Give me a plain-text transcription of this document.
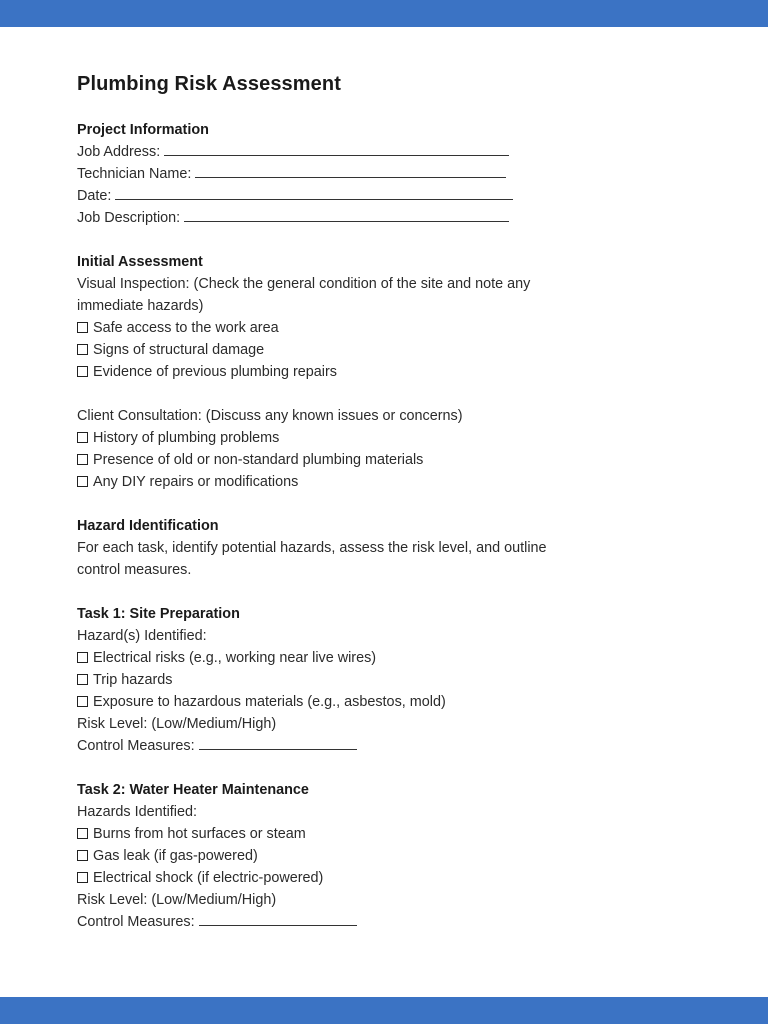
Plumbing Risk Assessment
Project Information
Job Address:
Technician Name:
Date:
Job Description:
Initial Assessment
Visual Inspection: (Check the general condition of the site and note any immediate hazards)
Safe access to the work area
Signs of structural damage
Evidence of previous plumbing repairs
Client Consultation: (Discuss any known issues or concerns)
History of plumbing problems
Presence of old or non-standard plumbing materials
Any DIY repairs or modifications
Hazard Identification
For each task, identify potential hazards, assess the risk level, and outline control measures.
Task 1: Site Preparation
Hazard(s) Identified:
Electrical risks (e.g., working near live wires)
Trip hazards
Exposure to hazardous materials (e.g., asbestos, mold)
Risk Level: (Low/Medium/High)
Control Measures:
Task 2: Water Heater Maintenance
Hazards Identified:
Burns from hot surfaces or steam
Gas leak (if gas-powered)
Electrical shock (if electric-powered)
Risk Level: (Low/Medium/High)
Control Measures:
